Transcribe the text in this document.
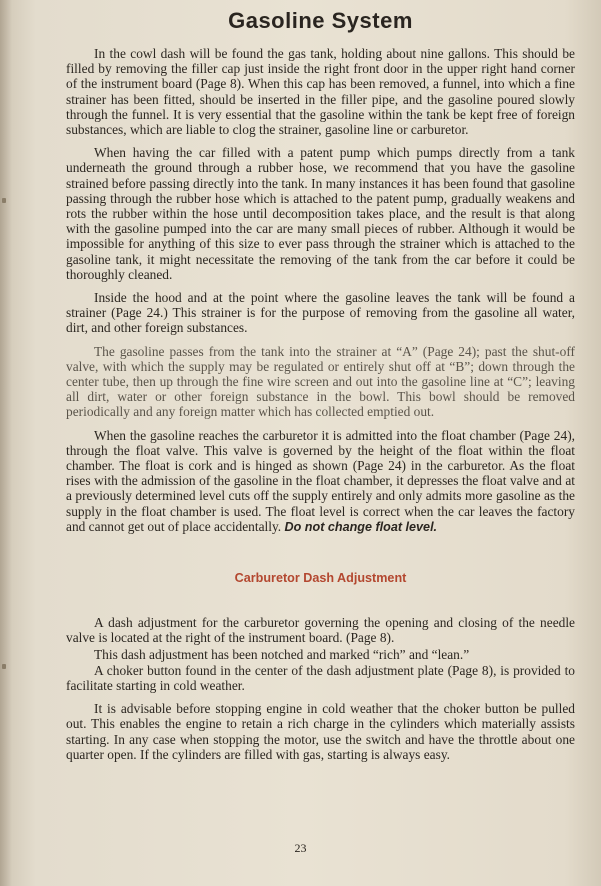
Gasoline System

In the cowl dash will be found the gas tank, holding about nine gallons. This should be filled by removing the filler cap just inside the right front door in the upper right hand corner of the instrument board (Page 8). When this cap has been removed, a funnel, into which a fine strainer has been fitted, should be inserted in the filler pipe, and the gasoline poured slowly through the funnel. It is very essential that the gasoline within the tank be kept free of foreign substances, which are liable to clog the strainer, gasoline line or carburetor.

When having the car filled with a patent pump which pumps directly from a tank underneath the ground through a rubber hose, we recommend that you have the gasoline strained before passing directly into the tank. In many instances it has been found that gasoline passing through the rubber hose which is attached to the patent pump, gradually weakens and rots the rubber within the hose until decomposition takes place, and the result is that along with the gasoline pumped into the car are many small pieces of rubber. Although it would be impossible for anything of this size to ever pass through the strainer which is attached to the gasoline tank, it might necessitate the removing of the tank from the car before it could be thoroughly cleaned.

Inside the hood and at the point where the gasoline leaves the tank will be found a strainer (Page 24.) This strainer is for the purpose of removing from the gasoline all water, dirt, and other foreign substances.

The gasoline passes from the tank into the strainer at “A” (Page 24); past the shut-off valve, with which the supply may be regulated or entirely shut off at “B”; down through the center tube, then up through the fine wire screen and out into the gasoline line at “C”; leaving all dirt, water or other foreign substance in the bowl. This bowl should be removed periodically and any foreign matter which has collected emptied out.

When the gasoline reaches the carburetor it is admitted into the float chamber (Page 24), through the float valve. This valve is governed by the height of the float within the float chamber. The float is cork and is hinged as shown (Page 24) in the carburetor. As the float rises with the admission of the gasoline in the float chamber, it depresses the float valve and at a previously determined level cuts off the supply entirely and only admits more gasoline as the supply in the float chamber is used. The float level is correct when the car leaves the factory and cannot get out of place accidentally. Do not change float level.

Carburetor Dash Adjustment

A dash adjustment for the carburetor governing the opening and closing of the needle valve is located at the right of the instrument board. (Page 8).

This dash adjustment has been notched and marked “rich” and “lean.”

A choker button found in the center of the dash adjustment plate (Page 8), is provided to facilitate starting in cold weather.

It is advisable before stopping engine in cold weather that the choker button be pulled out. This enables the engine to retain a rich charge in the cylinders which materially assists starting. In any case when stopping the motor, use the switch and have the throttle about one quarter open. If the cylinders are filled with gas, starting is always easy.

23
